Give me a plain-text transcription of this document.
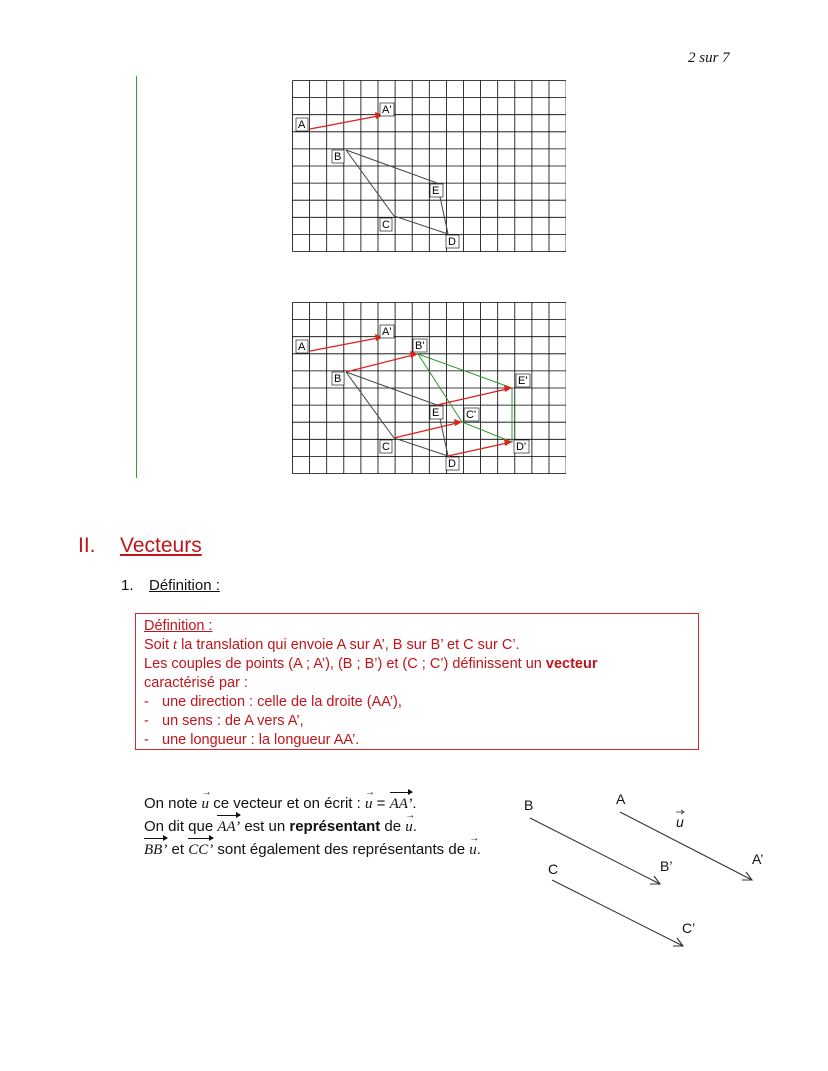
2 sur 7
A
A'
B
E
C
D
A
A'
B'
B	E'
E C'
C	D'
D
II. Vecteurs
1. Définition :
Définition :
Soit t la translation qui envoie A sur A’, B sur B’ et C sur C’.
Les couples de points (A ; A’), (B ; B’) et (C ; C’) définissent un vecteur
caractérisé par :
- une direction : celle de la droite (AA’),
- un sens : de A vers A’,
- une longueur : la longueur AA’.

On note u → ce vecteur et on écrit : u → = AA’.

On dit que AA’ est un représentant de u →.

BB’ et CC’ sont également des représentants de u →.

A
B
C	B’	A’
C’
u
